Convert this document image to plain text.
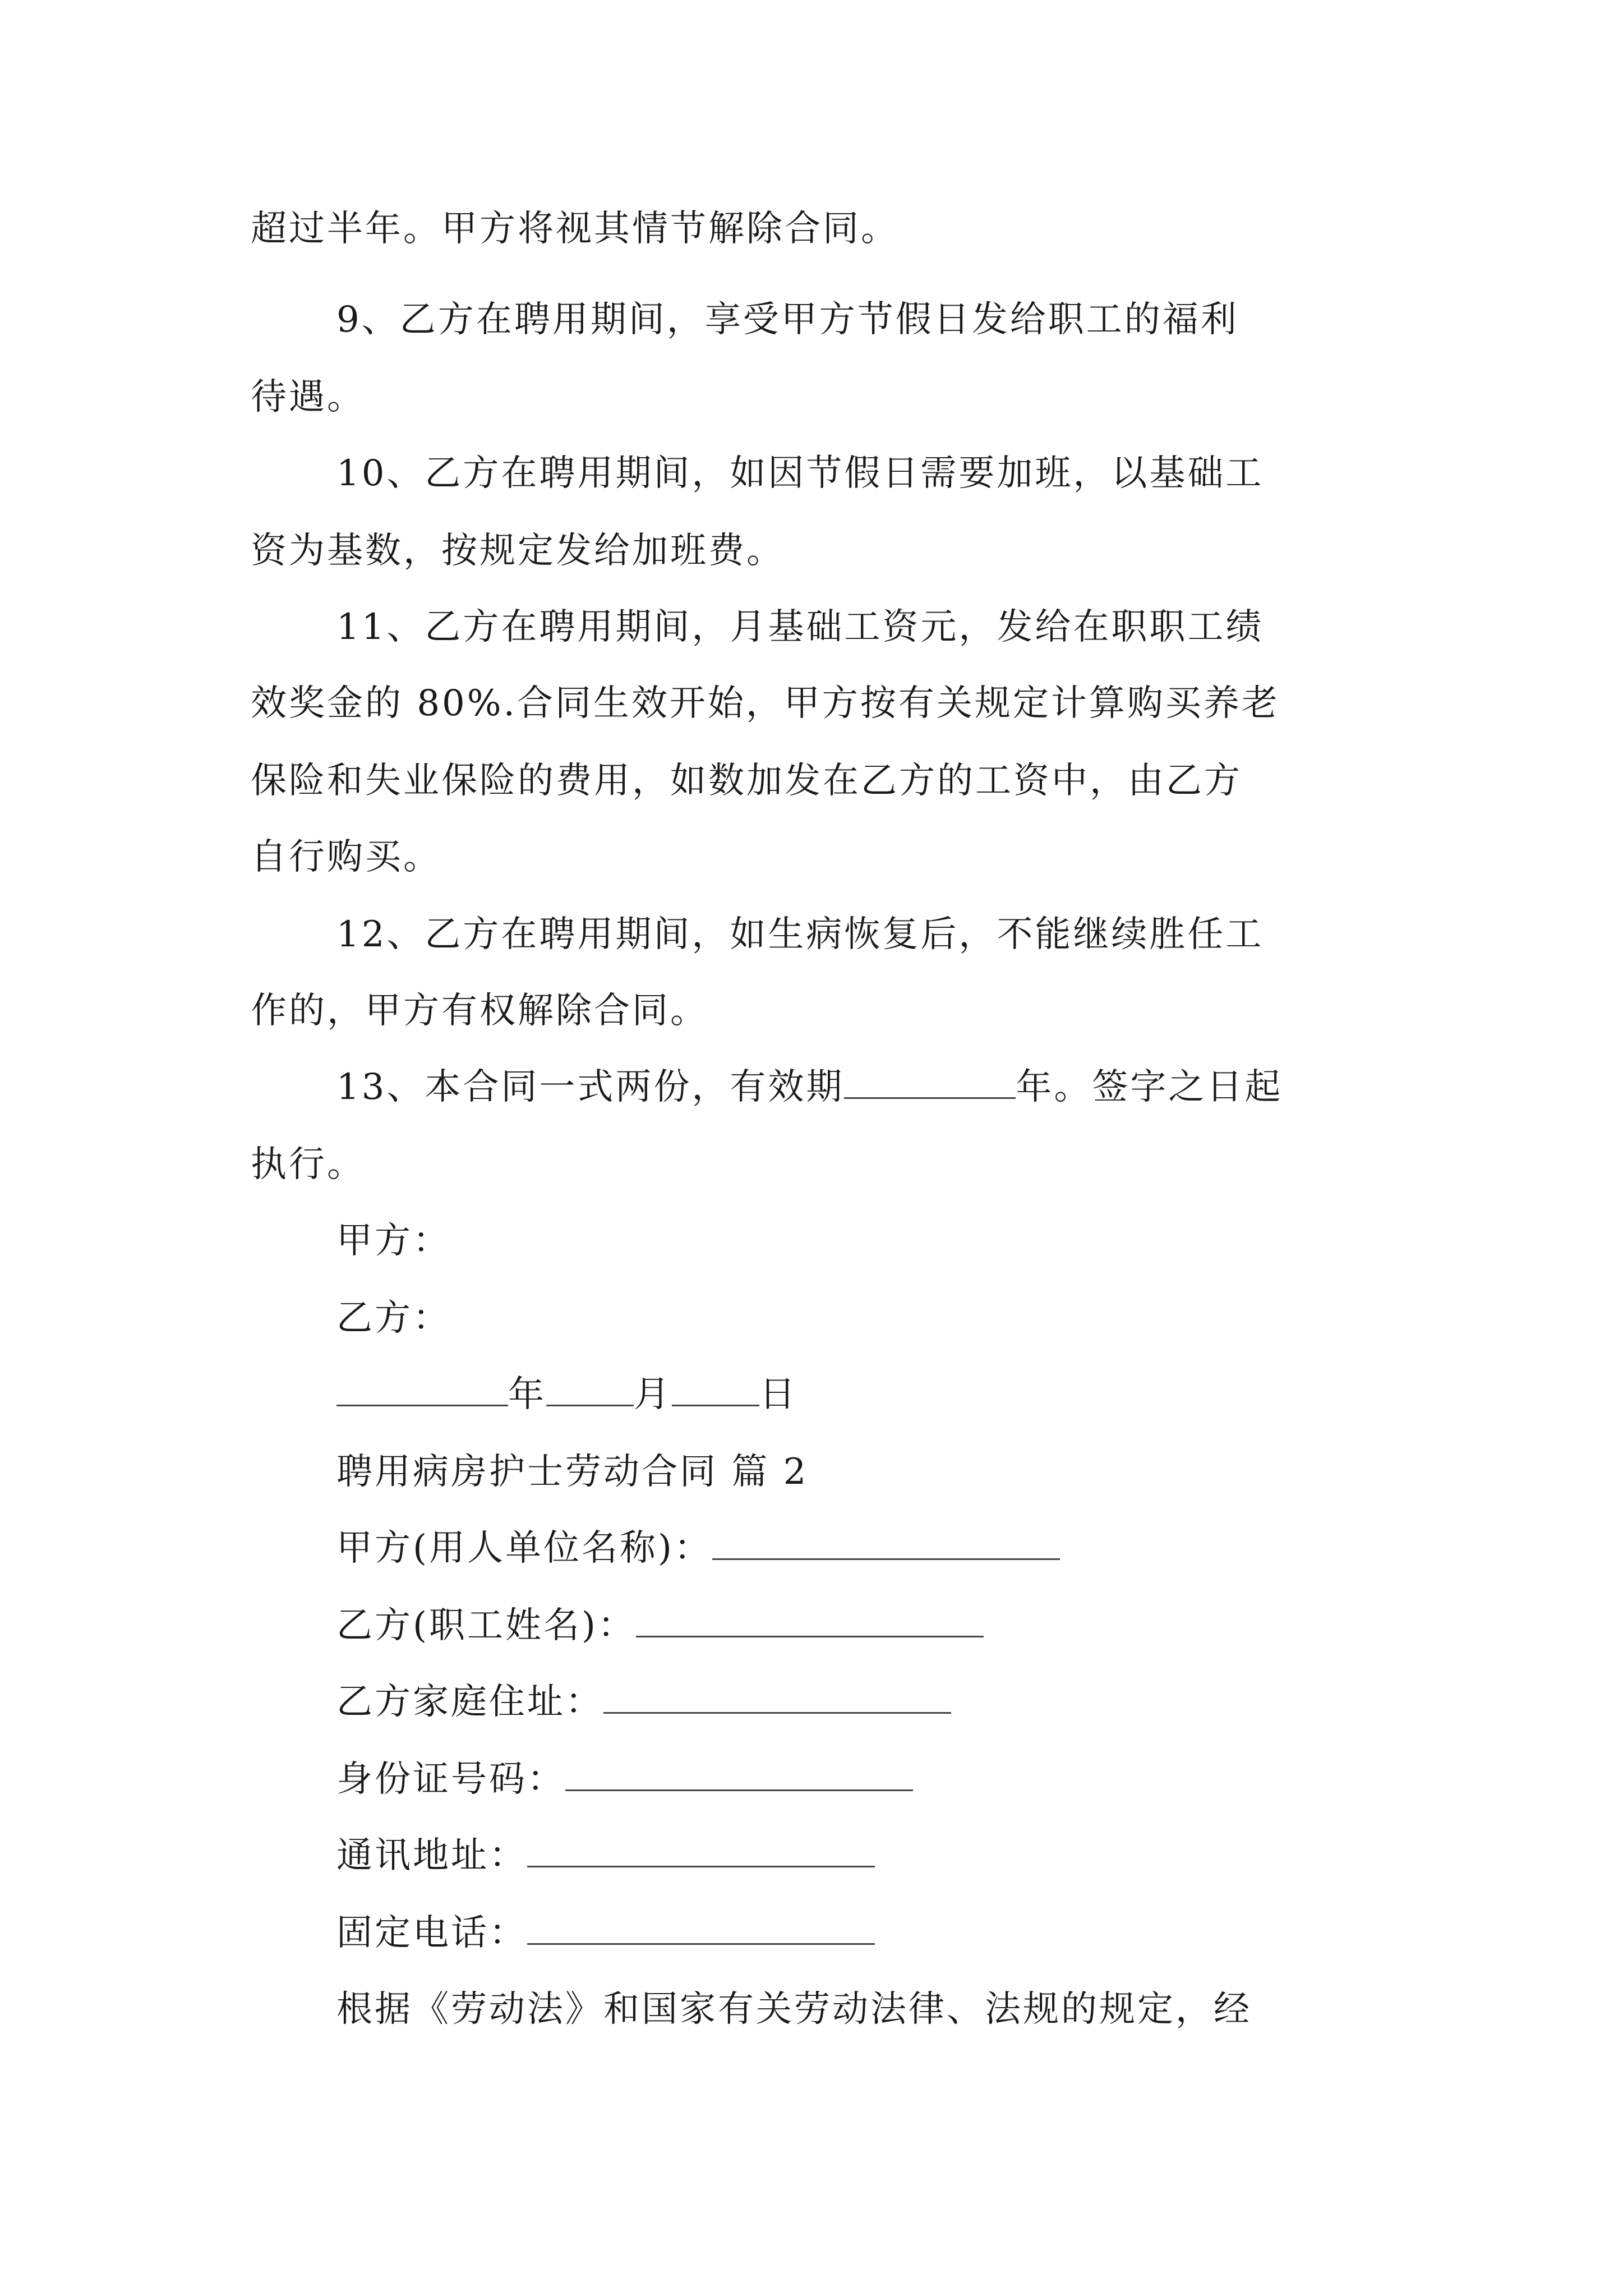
超过半年。甲方将视其情节解除合同。
9、乙方在聘用期间，享受甲方节假日发给职工的福利
待遇。
10、乙方在聘用期间，如因节假日需要加班，以基础工
资为基数，按规定发给加班费。
11、乙方在聘用期间，月基础工资元，发给在职职工绩
效奖金的 80%.合同生效开始，甲方按有关规定计算购买养老
保险和失业保险的费用，如数加发在乙方的工资中，由乙方
自行购买。
12、乙方在聘用期间，如生病恢复后，不能继续胜任工
作的，甲方有权解除合同。
13、本合同一式两份，有效期	年。签字之日起
执行。
甲方：
乙方：
年 月 日
聘用病房护士劳动合同 篇 2
甲方(用人单位名称)：
乙方(职工姓名)：
乙方家庭住址：
身份证号码：
通讯地址：
固定电话：
根据《劳动法》和国家有关劳动法律、法规的规定，经
